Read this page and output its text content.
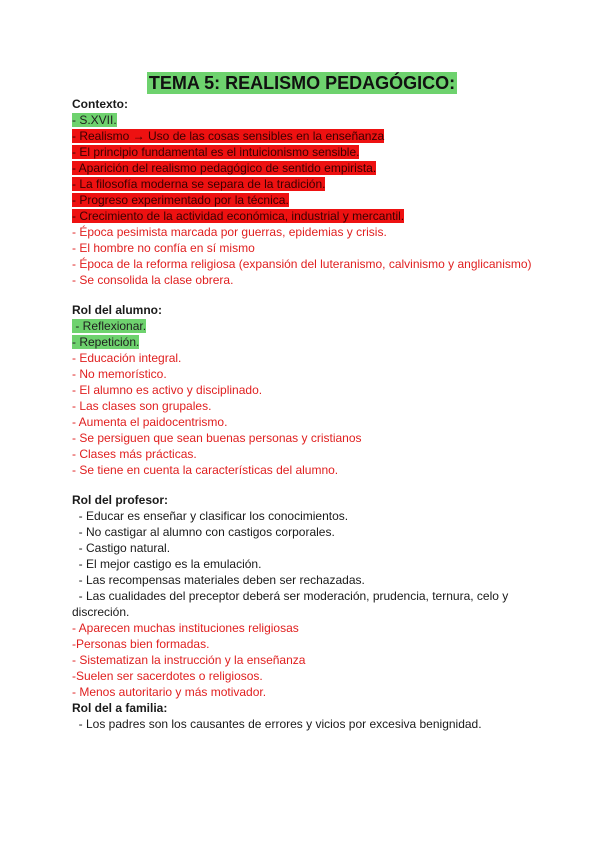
TEMA 5: REALISMO PEDAGÓGICO:
Contexto:
- S.XVII.
- Realismo → Uso de las cosas sensibles en la enseñanza
- El principio fundamental es el intuicionismo sensible.
- Aparición del realismo pedagógico de sentido empirista.
- La filosofía moderna se separa de la tradición.
- Progreso experimentado por la técnica.
- Crecimiento de la actividad económica, industrial y mercantil.
- Época pesimista marcada por guerras, epidemias y crisis.
- El hombre no confía en sí mismo
- Época de la reforma religiosa (expansión del luteranismo, calvinismo y anglicanismo)
- Se consolida la clase obrera.
Rol del alumno:
- Reflexionar.
- Repetición.
- Educación integral.
- No memorístico.
- El alumno es activo y disciplinado.
- Las clases son grupales.
- Aumenta el paidocentrismo.
- Se persiguen que sean buenas personas y cristianos
- Clases más prácticas.
- Se tiene en cuenta la características del alumno.
Rol del profesor:
- Educar es enseñar y clasificar los conocimientos.
- No castigar al alumno con castigos corporales.
- Castigo natural.
- El mejor castigo es la emulación.
- Las recompensas materiales deben ser rechazadas.
- Las cualidades del preceptor deberá ser moderación, prudencia, ternura, celo y discreción.
- Aparecen muchas instituciones religiosas
-Personas bien formadas.
- Sistematizan la instrucción y la enseñanza
-Suelen ser sacerdotes o religiosos.
- Menos autoritario y más motivador.
Rol del a familia:
- Los padres son los causantes de errores y vicios por excesiva benignidad.
